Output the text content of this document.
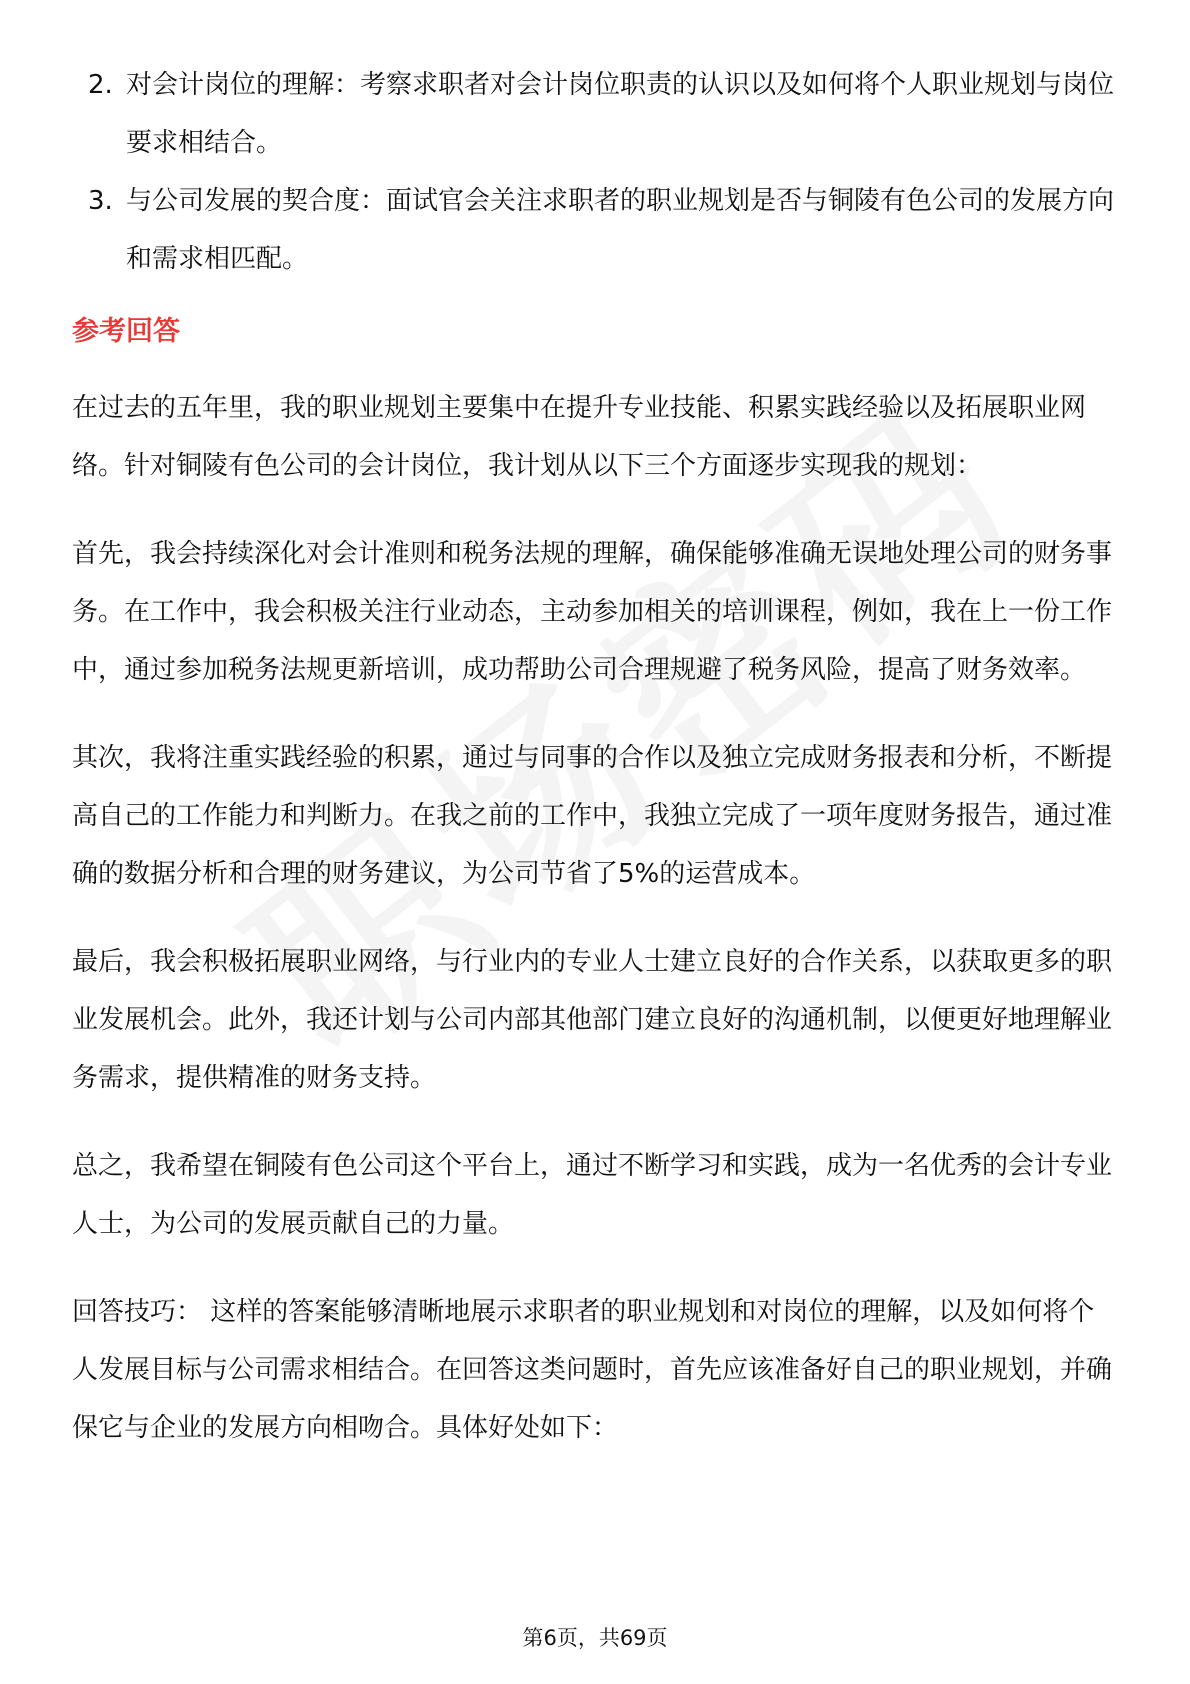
2. 对会计岗位的理解：考察求职者对会计岗位职责的认识以及如何将个人职业规划与岗位要求相结合。
3. 与公司发展的契合度：面试官会关注求职者的职业规划是否与铜陵有色公司的发展方向和需求相匹配。
参考回答

在过去的五年里，我的职业规划主要集中在提升专业技能、积累实践经验以及拓展职业网络。针对铜陵有色公司的会计岗位，我计划从以下三个方面逐步实现我的规划：

首先，我会持续深化对会计准则和税务法规的理解，确保能够准确无误地处理公司的财务事务。在工作中，我会积极关注行业动态，主动参加相关的培训课程，例如，我在上一份工作中，通过参加税务法规更新培训，成功帮助公司合理规避了税务风险，提高了财务效率。

其次，我将注重实践经验的积累，通过与同事的合作以及独立完成财务报表和分析，不断提高自己的工作能力和判断力。在我之前的工作中，我独立完成了一项年度财务报告，通过准确的数据分析和合理的财务建议，为公司节省了5%的运营成本。

最后，我会积极拓展职业网络，与行业内的专业人士建立良好的合作关系，以获取更多的职业发展机会。此外，我还计划与公司内部其他部门建立良好的沟通机制，以便更好地理解业务需求，提供精准的财务支持。

总之，我希望在铜陵有色公司这个平台上，通过不断学习和实践，成为一名优秀的会计专业人士，为公司的发展贡献自己的力量。

回答技巧： 这样的答案能够清晰地展示求职者的职业规划和对岗位的理解，以及如何将个人发展目标与公司需求相结合。在回答这类问题时，首先应该准备好自己的职业规划，并确保它与企业的发展方向相吻合。具体好处如下：

第6页，共69页
